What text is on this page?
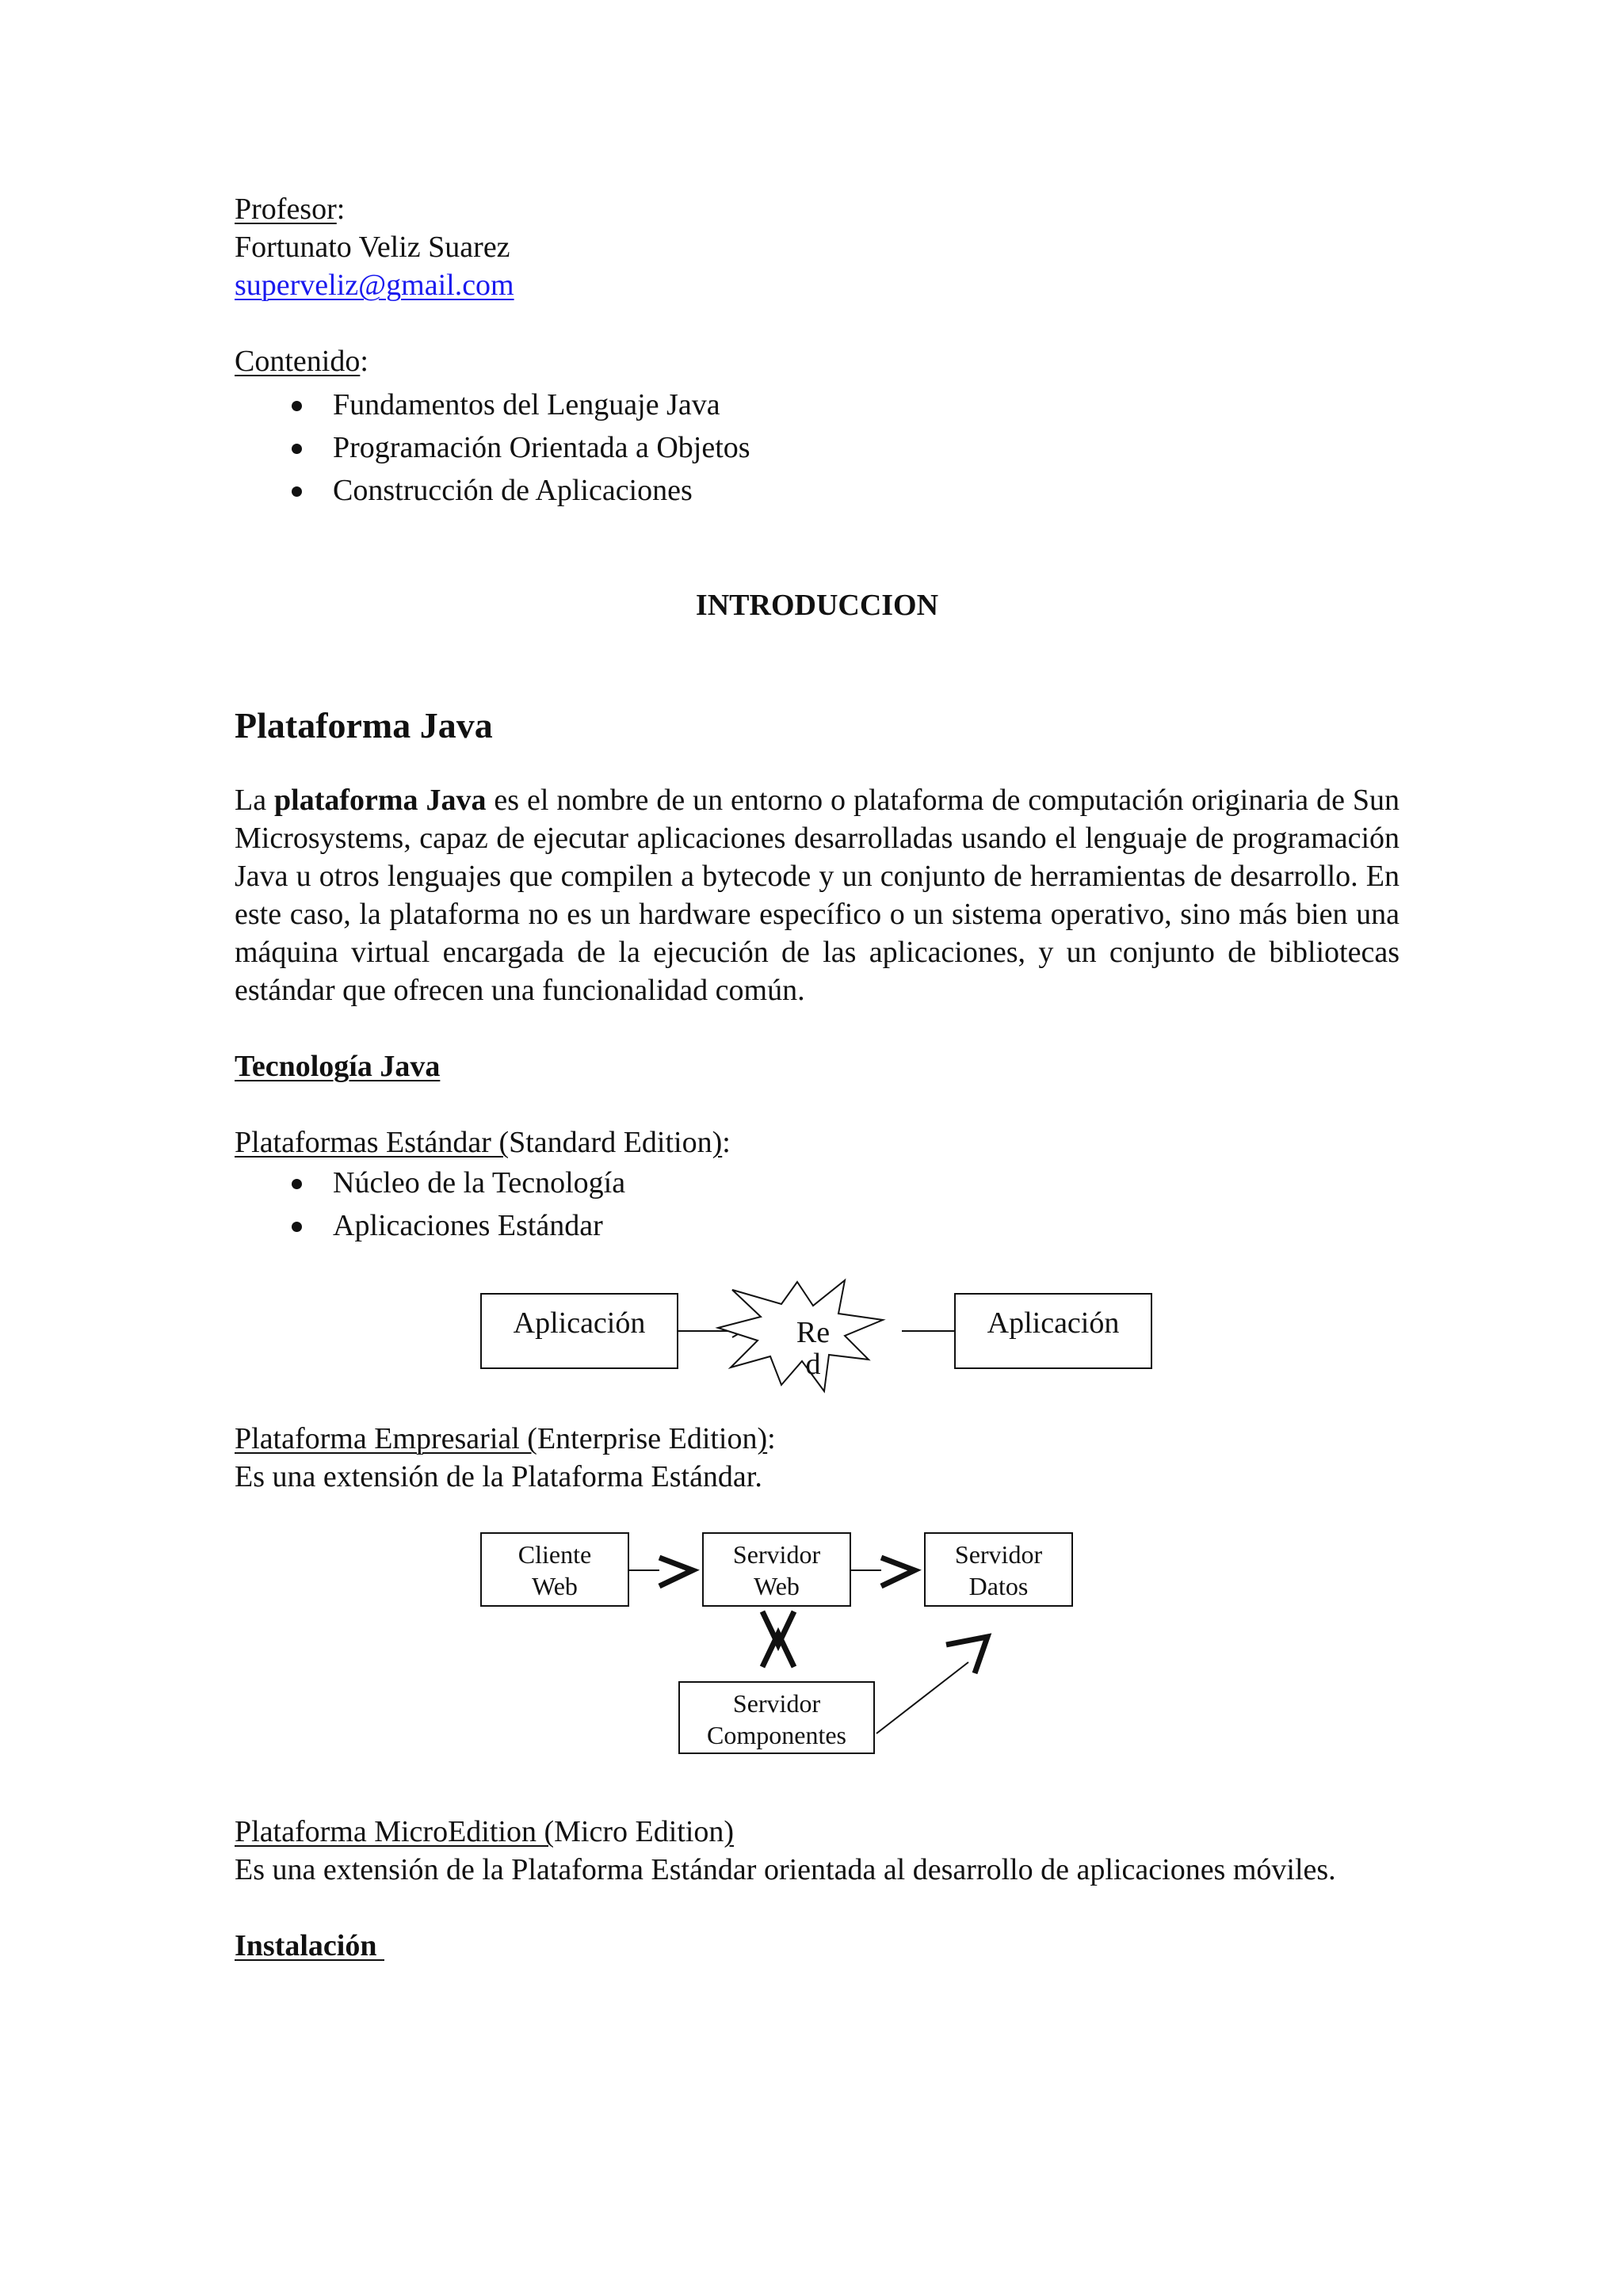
Profesor:
Fortunato Veliz Suarez
superveliz@gmail.com
Contenido:
Fundamentos del Lenguaje Java
Programación Orientada a Objetos
Construcción de Aplicaciones
INTRODUCCION
Plataforma Java
La plataforma Java es el nombre de un entorno o plataforma de computación originaria de Sun Microsystems, capaz de ejecutar aplicaciones desarrolladas usando el lenguaje de programación Java u otros lenguajes que compilen a bytecode y un conjunto de herramientas de desarrollo. En este caso, la plataforma no es un hardware específico o un sistema operativo, sino más bien una máquina virtual encargada de la ejecución de las aplicaciones, y un conjunto de bibliotecas estándar que ofrecen una funcionalidad común.
Tecnología Java
Plataformas Estándar (Standard Edition):
Núcleo de la Tecnología
Aplicaciones Estándar
Aplicación	Re
d
Aplicación
Plataforma Empresarial (Enterprise Edition):
Es una extensión de la Plataforma Estándar.
Cliente
Web
Servidor
Web
Servidor
Datos
Servidor
Componentes
Plataforma MicroEdition (Micro Edition)
Es una extensión de la Plataforma Estándar orientada al desarrollo de aplicaciones móviles.
Instalación
